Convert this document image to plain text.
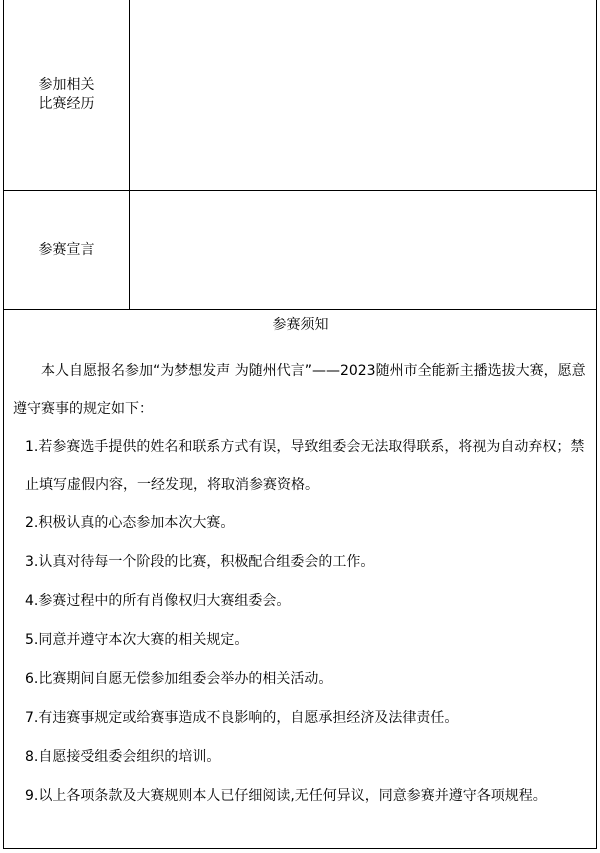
参加相关
比赛经历
参赛宣言
参赛须知

本人自愿报名参加“为梦想发声 为随州代言”——2023随州市全能新主播选拔大赛，愿意遵守赛事的规定如下：

1.若参赛选手提供的姓名和联系方式有误，导致组委会无法取得联系，将视为自动弃权；禁止填写虚假内容，一经发现，将取消参赛资格。
2.积极认真的心态参加本次大赛。
3.认真对待每一个阶段的比赛，积极配合组委会的工作。
4.参赛过程中的所有肖像权归大赛组委会。
5.同意并遵守本次大赛的相关规定。
6.比赛期间自愿无偿参加组委会举办的相关活动。
7.有违赛事规定或给赛事造成不良影响的，自愿承担经济及法律责任。
8.自愿接受组委会组织的培训。
9.以上各项条款及大赛规则本人已仔细阅读,无任何异议，同意参赛并遵守各项规程。
